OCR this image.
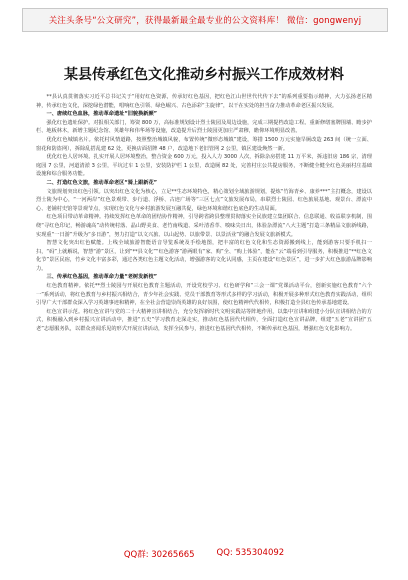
关注头条号“公文研究”，获得最新最全最专业的公文资料库！ 微信：gongwenyj
某县传承红色文化推动乡村振兴工作成效材料

**县认真贯彻落实习近平总书记关于“用好红色资源，传承好红色基因，把红色江山世世代代传下去”的系列重要指示精神，大力弘扬老区精神，传承红色文化，深挖绿色潜能，唱响红色引领、绿色崛兴、古色添彩“主旋律”，以干在实处的担当奋力推动革命老区振兴发展。

一、唐续红色血脉，推动革命遗址“旧貌换新颜”

强化红色遗址保护。对报相关部门，筹资 800 万，高标准规划设计烈士陵园及周边设施，完成三期提档改造工程。重新修缮塞牌围墙、瞻步护栏、地板林木，新增主题纪念馆、英雄年和伟华场等设施，改造提升后烈士陵园更加庄严肃穆，瞻仰环境明显改善。

优化红色城镇名片。依托村风情道路，按照整治城镇风貌，布置传统“微形态城镇”建设，筹措 1500 万元实施旱厕改造 263 间（统一立面、窗花和防盗网），拆除乱搭乱建 62 处，更换店面招牌 48 户，改造地下老旧管网 2 公里，镇区建设焕然一新。

优化红色人居环境。扎实开展人居环境整治，整合资金 600 万元，投入人力 3000 人次，拆除杂房搭建 11 万平米，拆违旧房 186 宗，清理庭园 7 公里，河道清淤 3 公里，平坑过车 1 公里，安装防护栏 1 公里，改造厕 82 处，完善村庄公共提房服务，不断健全健全红色美丽村庄基础设施和综合服务功能。

二、打造红色文旅，推动革命老区“骑上跟新花”

文旅规划突出红色引领。以突出红色文化为核心，立足**生态环境特色，精心策划全域旅游规划，提炼“竹海青乡、康养***”主打概念，建设以烈士陵为中心，“一河两岸”红色景观带、步行道、浮桥、古迹广场等“三区七点”文旅发展布局，串联烈士陵园、红色旅展基地、观景台、漂流中心、老铺村史馆等景观节点，实现红色文化与乡村旅游发展互融共促，绿色环境和谐红色底色的生动局面。

红色项目带动革命精神。持续发挥红色革命的团结协作精神，引导跨省跨县整理贯彻落实全民族建立集团联合、信息联通、收益联享机制，围绕“寻红色印记，畅游魂高”动传统村落、晶山野美食、老竹南线道、采叶清香萃、嗅味尖日出，体验杂漂流“八大主题”打造三条精品文旅新线路，实现重“一日游”升级为“多日游”，努力打造“以文兴旅、以山起势、以旅带景、以景活业”的融合发展文旅新模式。

智慧文化突出红色赋能。上线全域旅游智能语音导览系统及手绘地图，把丰富的红色文化和生态资源搬到线上，能到游客只要手机扫一扫，“码”上就解说，智慧“游”景区，让到“**县文化”“红色游客”游两眼有“家、购”全、“购上体验”，能在“云”端看到引导服务，积极推进“**红色文化节”景区民宿，竹乡文化丰富多彩，通过各类红色主题文化活动，增强游客的文化认同感，主页在建设“红色景区”，进一步扩大红色旅游品牌影响力。

三、传承红色基因，推动革命力量“老树发新枝”

红色教育精神。依托**烈士陵园与开展红色教育主题活动，开设党校学习、红色研学和“三会一课”党课活动平台，创新实施红色教育“六个一”系列活动，将红色教育与乡村振兴相结合，青少年社会实践、党员干部教育等形式多样的学习活动，积极开展多种形式红色教育实践活动，组织引导广大干部群众深入学习英雄事迹和精神，在全社会营造崇尚英雄的良好氛围，使红色精神代代相传，积极打造全县红色传承基地建设。

红色宣讲示范。将红色宣讲与党的二十大精神宣讲相结合，充分发挥新时代文明实践站等阵地作用，以集中宣讲和组建小分队宣讲相结合的方式，积极融入到乡村振兴宣讲活动中，推进“五史”学习教育走深走实，推动红色基因代代相传，全面打造红色宣讲品牌，组建“五老”宣讲团“五老”志愿服务队，以群众喜闻乐见的形式开展宣讲活动，发挥全民参与，推进红色基因代代相传，不断传承红色基因，增强红色文化影响力。

QQ群: 30265665	QQ: 535304092
